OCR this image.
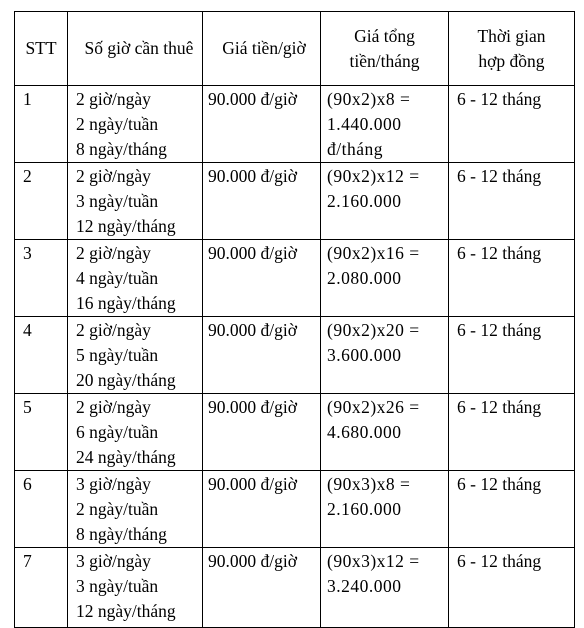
STT	Số giờ cần thuê	Giá tiền/giờ	Giá tổng
tiền/tháng	Thời gian
hợp đồng

1	2 giờ/ngày
2 ngày/tuần
8 ngày/tháng	90.000 đ/giờ	(90x2)x8 =
1.440.000
đ/tháng	6 - 12 tháng
2	2 giờ/ngày
3 ngày/tuần
12 ngày/tháng	90.000 đ/giờ	(90x2)x12 =
2.160.000	6 - 12 tháng
3	2 giờ/ngày
4 ngày/tuần
16 ngày/tháng	90.000 đ/giờ	(90x2)x16 =
2.080.000	6 - 12 tháng
4	2 giờ/ngày
5 ngày/tuần
20 ngày/tháng	90.000 đ/giờ	(90x2)x20 =
3.600.000	6 - 12 tháng
5	2 giờ/ngày
6 ngày/tuần
24 ngày/tháng	90.000 đ/giờ	(90x2)x26 =
4.680.000	6 - 12 tháng
6	3 giờ/ngày
2 ngày/tuần
8 ngày/tháng	90.000 đ/giờ	(90x3)x8 =
2.160.000	6 - 12 tháng
7	3 giờ/ngày
3 ngày/tuần
12 ngày/tháng	90.000 đ/giờ	(90x3)x12 =
3.240.000	6 - 12 tháng
